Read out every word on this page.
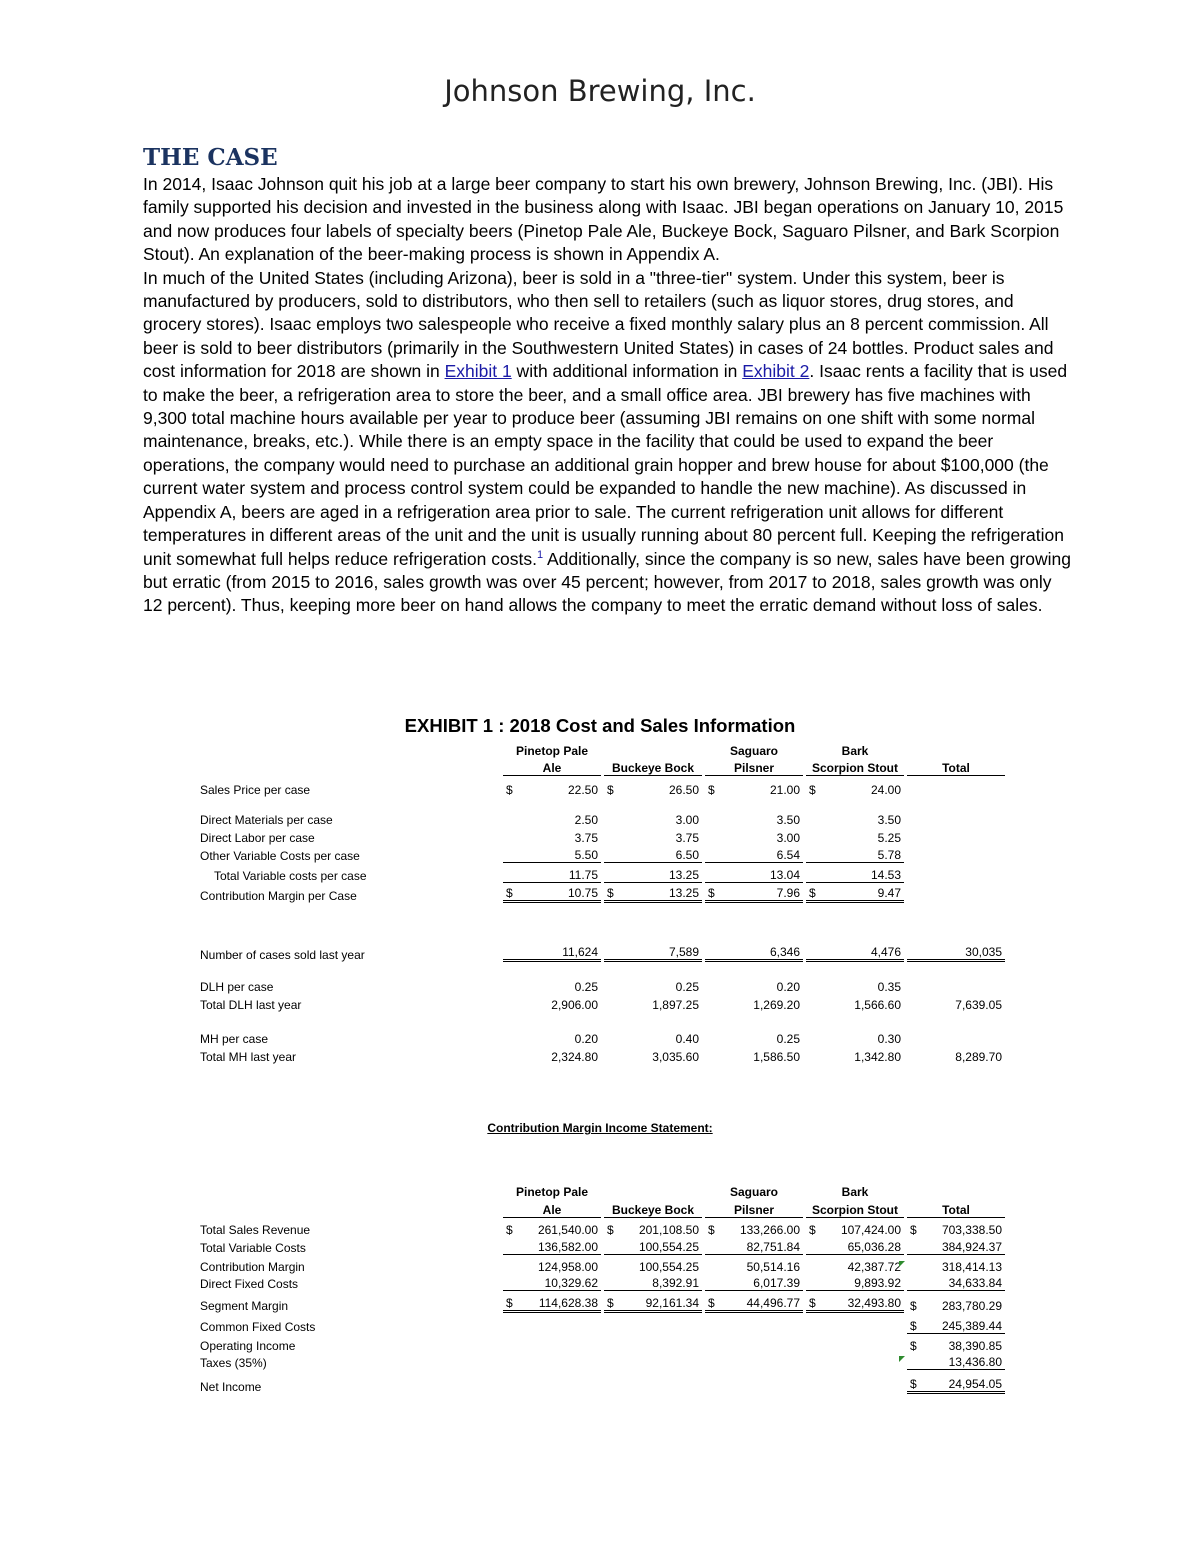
Johnson Brewing, Inc.
THE CASE

In 2014, Isaac Johnson quit his job at a large beer company to start his own brewery, Johnson Brewing, Inc. (JBI). His family supported his decision and invested in the business along with Isaac. JBI began operations on January 10, 2015 and now produces four labels of specialty beers (Pinetop Pale Ale, Buckeye Bock, Saguaro Pilsner, and Bark Scorpion Stout). An explanation of the beer-making process is shown in Appendix A.

In much of the United States (including Arizona), beer is sold in a "three-tier" system. Under this system, beer is manufactured by producers, sold to distributors, who then sell to retailers (such as liquor stores, drug stores, and grocery stores). Isaac employs two salespeople who receive a fixed monthly salary plus an 8 percent commission. All beer is sold to beer distributors (primarily in the Southwestern United States) in cases of 24 bottles. Product sales and cost information for 2018 are shown in Exhibit 1 with additional information in Exhibit 2. Isaac rents a facility that is used to make the beer, a refrigeration area to store the beer, and a small office area. JBI brewery has five machines with 9,300 total machine hours available per year to produce beer (assuming JBI remains on one shift with some normal maintenance, breaks, etc.). While there is an empty space in the facility that could be used to expand the beer operations, the company would need to purchase an additional grain hopper and brew house for about $100,000 (the current water system and process control system could be expanded to handle the new machine). As discussed in Appendix A, beers are aged in a refrigeration area prior to sale. The current refrigeration unit allows for different temperatures in different areas of the unit and the unit is usually running about 80 percent full. Keeping the refrigeration unit somewhat full helps reduce refrigeration costs.$^1$ Additionally, since the company is so new, sales have been growing but erratic (from 2015 to 2016, sales growth was over 45 percent; however, from 2017 to 2018, sales growth was only 12 percent). Thus, keeping more beer on hand allows the company to meet the erratic demand without loss of sales.

EXHIBIT 1 : 2018 Cost and Sales Information
Pinetop Pale	Saguaro	Bark
Ale	Buckeye Bock	Pilsner	Scorpion Stout	Total
Sales Price per case	$	22.50 $	26.50 $	21.00 $	24.00
Direct Materials per case	2.50	3.00	3.50	3.50
Direct Labor per case	3.75	3.75	3.00	5.25
Other Variable Costs per case	5.50	6.50	6.54	5.78
Total Variable costs per case	11.75	13.25	13.04	14.53
Contribution Margin per Case	$	10.75 $	13.25 $	7.96 $	9.47
Number of cases sold last year	11,624	7,589	6,346	4,476	30,035
DLH per case	0.25	0.25	0.20	0.35
Total DLH last year	2,906.00	1,897.25	1,269.20	1,566.60	7,639.05
MH per case	0.20	0.40	0.25	0.30
Total MH last year	2,324.80	3,035.60	1,586.50	1,342.80	8,289.70
Contribution Margin Income Statement:
Pinetop Pale	Saguaro	Bark
Ale	Buckeye Bock	Pilsner	Scorpion Stout	Total
Total Sales Revenue	$ 261,540.00 $ 201,108.50 $ 133,266.00 $ 107,424.00 $ 703,338.50
Total Variable Costs	136,582.00	100,554.25	82,751.84	65,036.28	384,924.37
Contribution Margin	124,958.00	100,554.25	50,514.16	42,387.72	318,414.13
Direct Fixed Costs	10,329.62	8,392.91	6,017.39	9,893.92	34,633.84
Segment Margin	$ 114,628.38 $	92,161.34 $	44,496.77 $	32,493.80 $ 283,780.29
Common Fixed Costs	$ 245,389.44
Operating Income	$	38,390.85
Taxes (35%)	13,436.80
Net Income	$	24,954.05
